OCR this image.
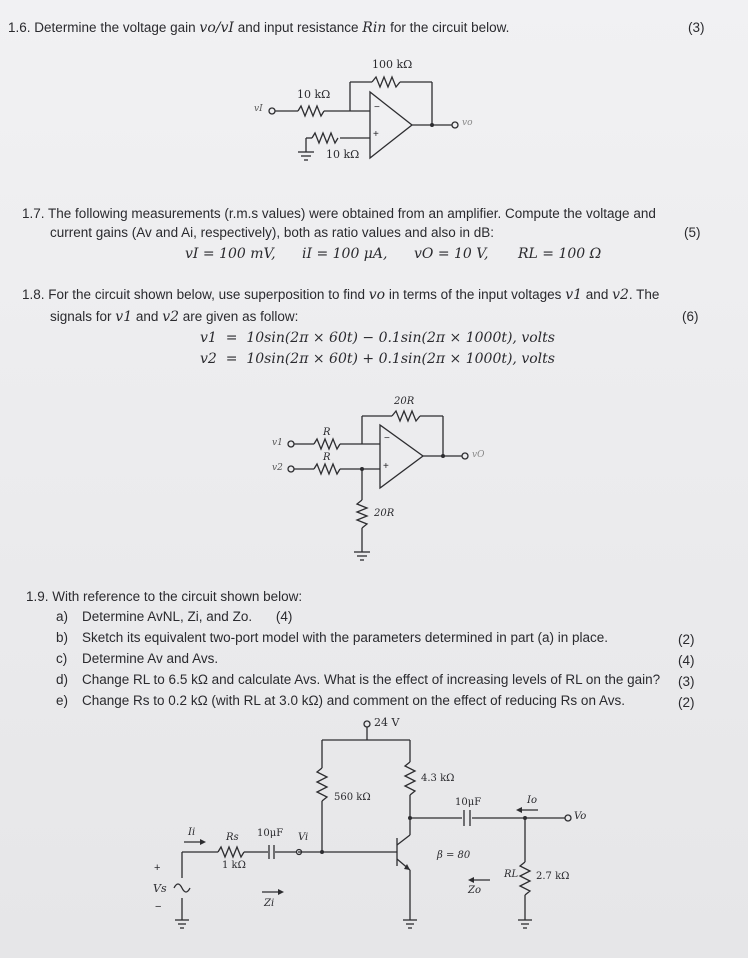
1.6. Determine the voltage gain vo/vI and input resistance Rin for the circuit below.	(3)
100 kΩ
10 kΩ
10 kΩ
vI
vo
−
+
1.7. The following measurements (r.m.s values) were obtained from an amplifier. Compute the voltage and
current gains (Av and Ai, respectively), both as ratio values and also in dB:	(5)
vI = 100 mV, iI = 100 μA, vO = 10 V, RL = 100 Ω
1.8. For the circuit shown below, use superposition to find vo in terms of the input voltages v1 and v2. The
signals for v1 and v2 are given as follow:	(6)
v1  =  10sin(2π × 60t) − 0.1sin(2π × 1000t), volts
v2  =  10sin(2π × 60t) + 0.1sin(2π × 1000t), volts
20R
R
R
20R
v1
v2
vO
−
+
1.9. With reference to the circuit shown below:
a) Determine AvNL, Zi, and Zo. (4)
b) Sketch its equivalent two-port model with the parameters determined in part (a) in place.	(2)
c) Determine Av and Avs.	(4)
d) Change RL to 6.5 kΩ and calculate Avs. What is the effect of increasing levels of RL on the gain? (3)
e) Change Rs to 0.2 kΩ (with RL at 3.0 kΩ) and comment on the effect of reducing Rs on Avs.	(2)
24 V
560 kΩ
4.3 kΩ
10μF
10μF
Rs
1 kΩ
β = 80
RL 2.7 kΩ
Ii
Io
Vi
Vo
Vs
+
−	Zi
Zo
